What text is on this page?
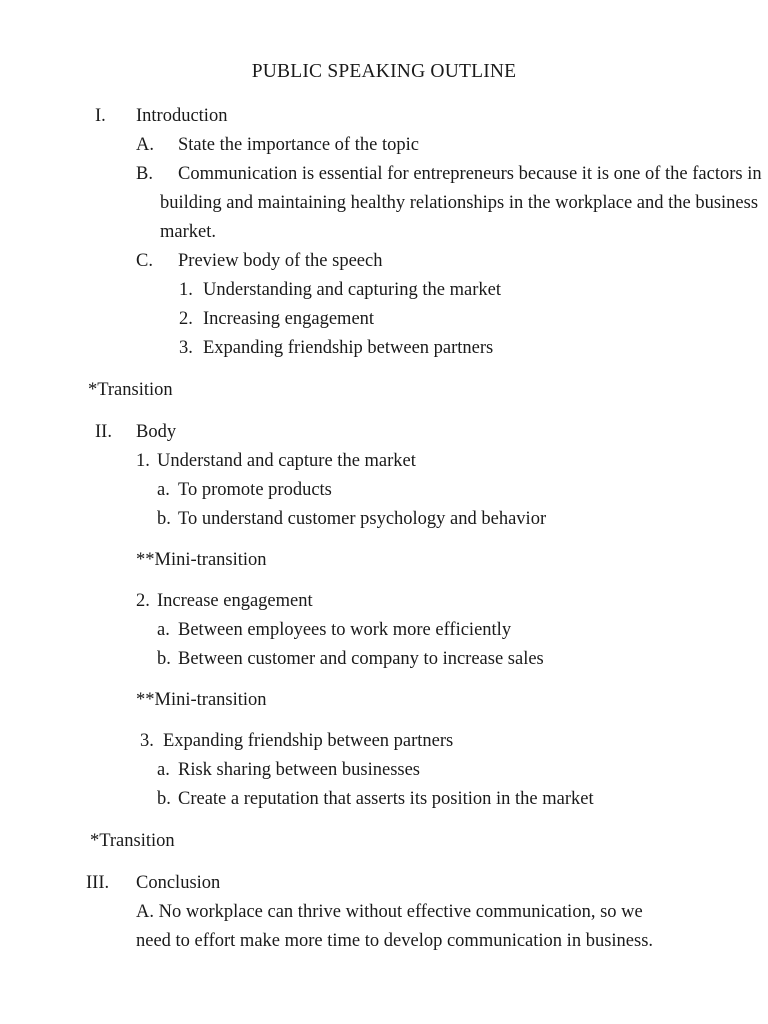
PUBLIC SPEAKING OUTLINE
I. Introduction
A.	State the importance of the topic
B.	Communication is essential for entrepreneurs because it is one of the factors in building and maintaining healthy relationships in the workplace and the business market.
C.	Preview body of the speech
1. Understanding and capturing the market
2. Increasing engagement
3. Expanding friendship between partners
*Transition
II. Body
1. Understand and capture the market
a. To promote products
b. To understand customer psychology and behavior
**Mini-transition
2. Increase engagement
a. Between employees to work more efficiently
b. Between customer and company to increase sales
**Mini-transition
3. Expanding friendship between partners
a. Risk sharing between businesses
b. Create a reputation that asserts its position in the market
*Transition
III. Conclusion
A. No workplace can thrive without effective communication, so we need to effort make more time to develop communication in business.
